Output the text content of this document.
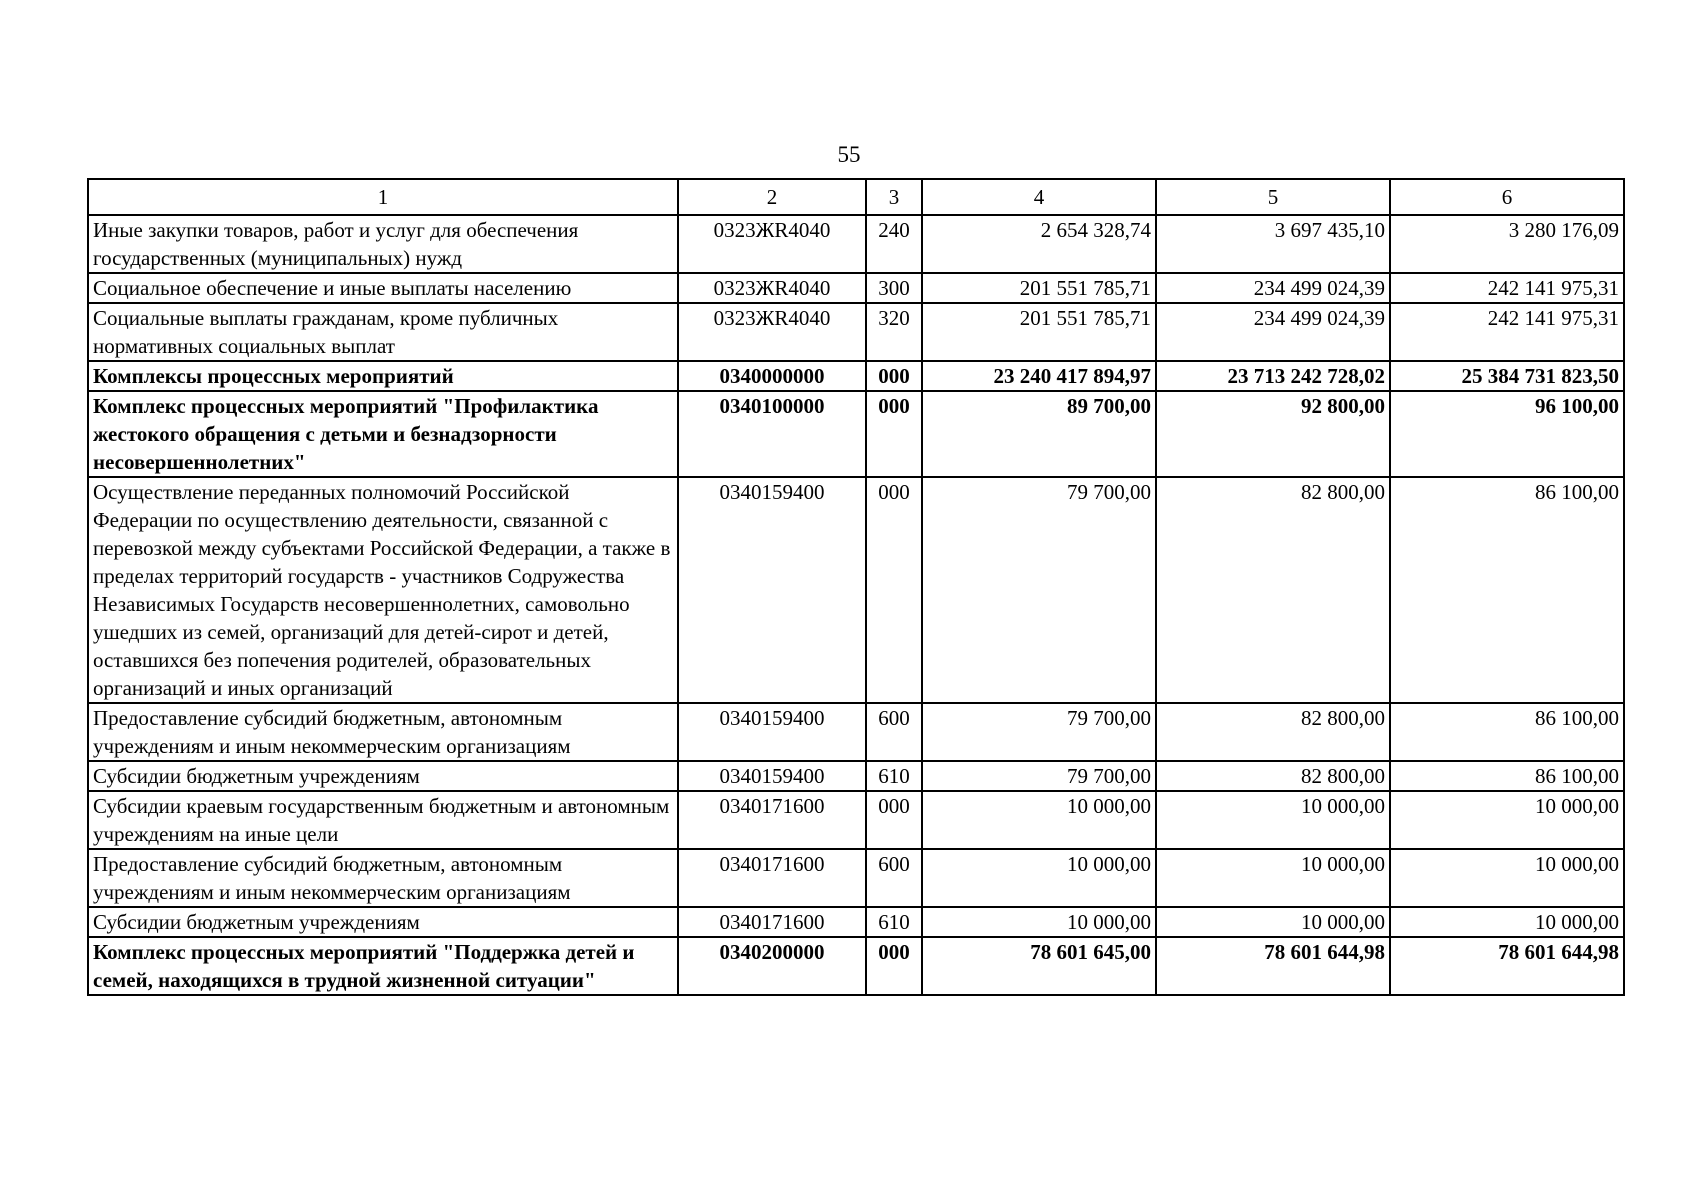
55
1	2	3	4	5	6
Иные закупки товаров, работ и услуг для обеспечения государственных (муниципальных) нужд	0323ЖR4040	240	2 654 328,74	3 697 435,10	3 280 176,09
Социальное обеспечение и иные выплаты населению	0323ЖR4040	300	201 551 785,71	234 499 024,39	242 141 975,31
Социальные выплаты гражданам, кроме публичных нормативных социальных выплат	0323ЖR4040	320	201 551 785,71	234 499 024,39	242 141 975,31
Комплексы процессных мероприятий	0340000000	000	23 240 417 894,97	23 713 242 728,02	25 384 731 823,50
Комплекс процессных мероприятий "Профилактика жестокого обращения с детьми и безнадзорности несовершеннолетних"	0340100000	000	89 700,00	92 800,00	96 100,00
Осуществление переданных полномочий Российской Федерации по осуществлению деятельности, связанной с перевозкой между субъектами Российской Федерации, а также в пределах территорий государств - участников Содружества Независимых Государств несовершеннолетних, самовольно ушедших из семей, организаций для детей-сирот и детей, оставшихся без попечения родителей, образовательных организаций и иных организаций	0340159400	000	79 700,00	82 800,00	86 100,00
Предоставление субсидий бюджетным, автономным учреждениям и иным некоммерческим организациям	0340159400	600	79 700,00	82 800,00	86 100,00
Субсидии бюджетным учреждениям	0340159400	610	79 700,00	82 800,00	86 100,00
Субсидии краевым государственным бюджетным и автономным учреждениям на иные цели	0340171600	000	10 000,00	10 000,00	10 000,00
Предоставление субсидий бюджетным, автономным учреждениям и иным некоммерческим организациям	0340171600	600	10 000,00	10 000,00	10 000,00
Субсидии бюджетным учреждениям	0340171600	610	10 000,00	10 000,00	10 000,00
Комплекс процессных мероприятий "Поддержка детей и семей, находящихся в трудной жизненной ситуации"	0340200000	000	78 601 645,00	78 601 644,98	78 601 644,98
